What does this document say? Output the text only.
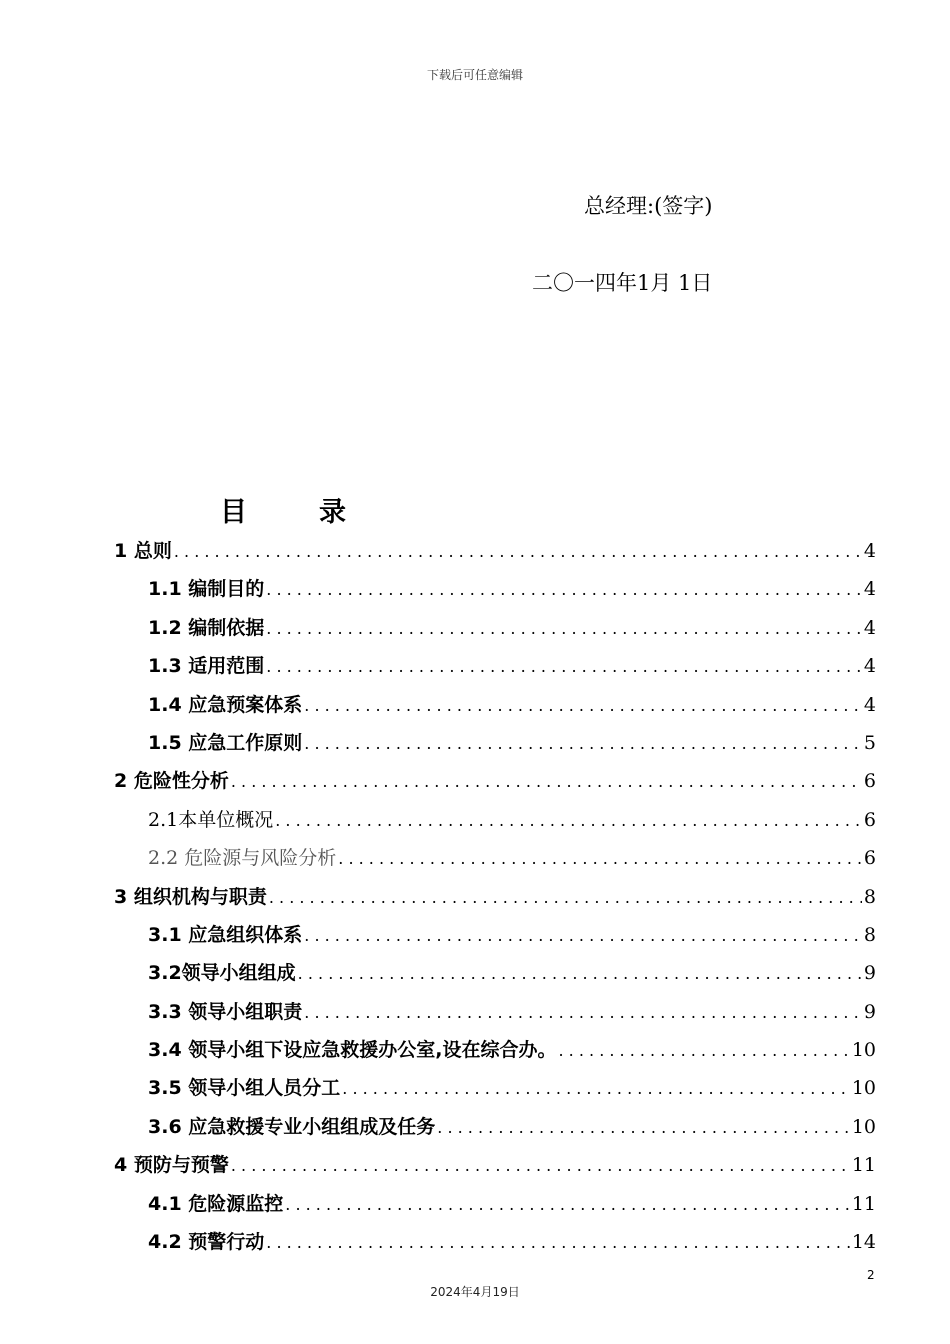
下载后可任意编辑
总经理:(签字)
二〇一四年1月 1日
目	录
1 总则 . . .	4
1.1 编制目的 . . .	4
1.2 编制依据 . . .	4
1.3 适用范围 . . .	4
1.4 应急预案体系 . . .	4
1.5 应急工作原则 . . .	5
2 危险性分析 . . .	6
2.1本单位概况 . . .	6
2.2 危险源与风险分析 . . .	6
3 组织机构与职责 . . .	8
3.1 应急组织体系 . . .	8
3.2领导小组组成 . . .	9
3.3 领导小组职责 . . .	9
3.4 领导小组下设应急救援办公室,设在综合办。 . . .	10
3.5 领导小组人员分工 . . .	10
3.6 应急救援专业小组组成及任务 . . .	10
4 预防与预警 . . .	11
4.1 危险源监控 . . .	11
4.2 预警行动 . . .	14
2
2024年4月19日
